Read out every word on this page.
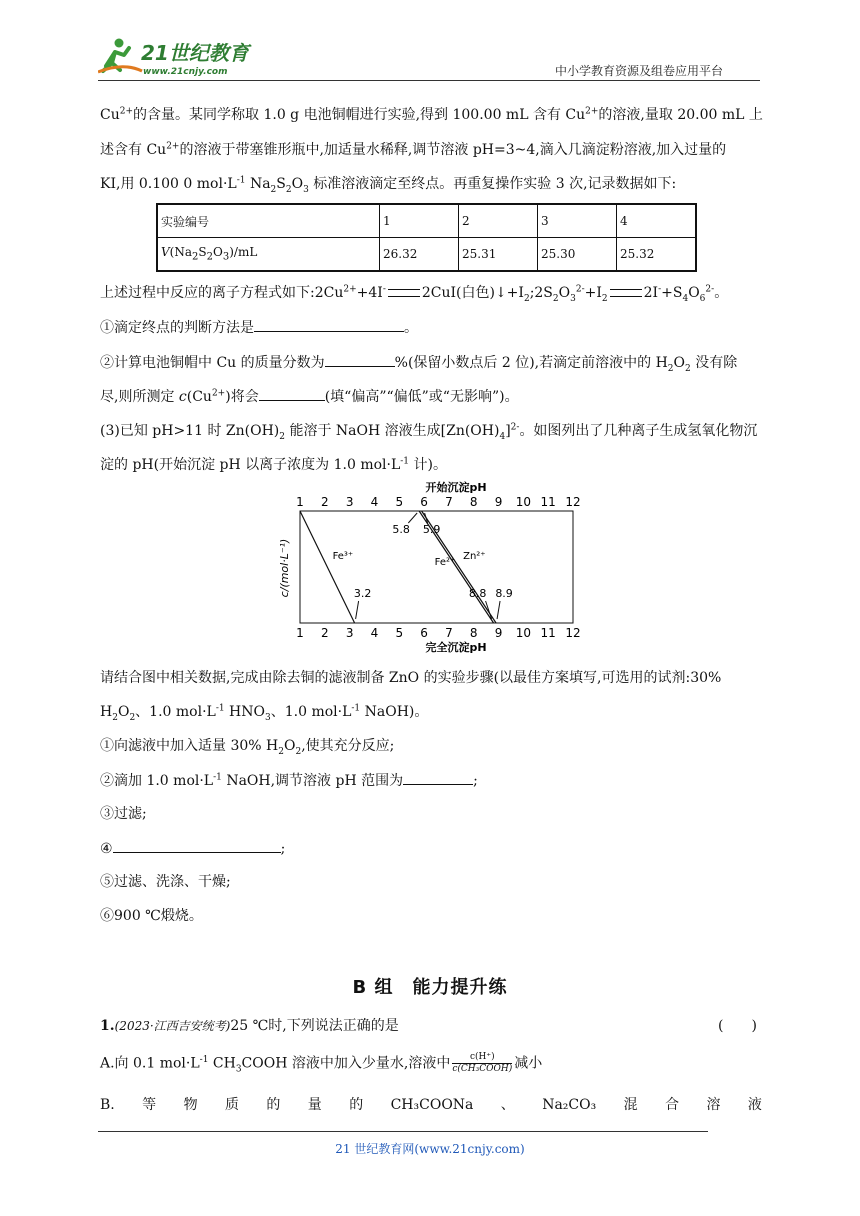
21世纪教育
www.21cnjy.com	中小学教育资源及组卷应用平台
$Cu^{2+}$的含量。某同学称取 1.0 g 电池铜帽进行实验,得到 100.00 mL 含有 $Cu^{2+}$的溶液,量取 20.00 mL 上
述含有 $Cu^{2+}$的溶液于带塞锥形瓶中,加适量水稀释,调节溶液 pH=3~4,滴入几滴淀粉溶液,加入过量的
KI,用 0.100 0 $mol\cdot L^{-1}$ $Na_2S_2O_3$ 标准溶液滴定至终点。再重复操作实验 3 次,记录数据如下:
实验编号	1	2	3	4
$V(Na_2S_2O_3)/mL$	26.32	25.31	25.30	25.32
上述过程中反应的离子方程式如下$:2Cu^{2+}+4I^-$	2CuI(白色)$↓+I_2;2S_2O_3^{2-}+I_2$	$2I^-+S_4O_6^{2-}$。
①滴定终点的判断方法是	。
②计算电池铜帽中 Cu 的质量分数为	%(保留小数点后 2 位),若滴定前溶液中的 $H_2O_2$ 没有除
尽,则所测定 $c(Cu^{2+})$将会	(填“偏高”“偏低”或“无影响”)。
(3)已知 pH>11 时 $Zn(OH)_2$ 能溶于 NaOH 溶液生成$[Zn(OH)_4]^{2-}$。如图列出了几种离子生成氢氧化物沉
淀的 pH(开始沉淀 pH 以离子浓度为 1.0 $mol\cdot L^{-1}$ 计)。
开始沉淀pH
完全沉淀pH
c/(mol·L⁻¹)
1 2 3 4 5 6 7 8 9 10 11 12
1 2 3 4 5 6 7 8 9 10 11 12
Fe³⁺
3.2
Fe²⁺
5.8
8.8
Zn²⁺
5.9
8.9
请结合图中相关数据,完成由除去铜的滤液制备 ZnO 的实验步骤(以最佳方案填写,可选用的试剂:30%
$H_2O_2$、1.0 $mol\cdot L^{-1}$ $HNO_3$、1.0 $mol\cdot L^{-1}$ NaOH)。
①向滤液中加入适量 30% $H_2O_2$,使其充分反应;
②滴加 1.0 $mol\cdot L^{-1}$ NaOH,调节溶液 pH 范围为	;
③过滤;
④	;
⑤过滤、洗涤、干燥;
⑥900 ℃煅烧。
B 组　能力提升练
1.(2023·江西吉安统考)25 ℃时,下列说法正确的是	(　　)
A.向 0.1 $mol\cdot L^{-1}$ $CH_3COOH$ 溶液中加入少量水,溶液中 $\frac{c(H^+)}{\text{c(CH₃COOH)}}$ 减小
B. 等 物 质 的 量 的 CH₃COONa 、 Na₂CO₃ 混 合 溶 液
21 世纪教育网(www.21cnjy.com)
